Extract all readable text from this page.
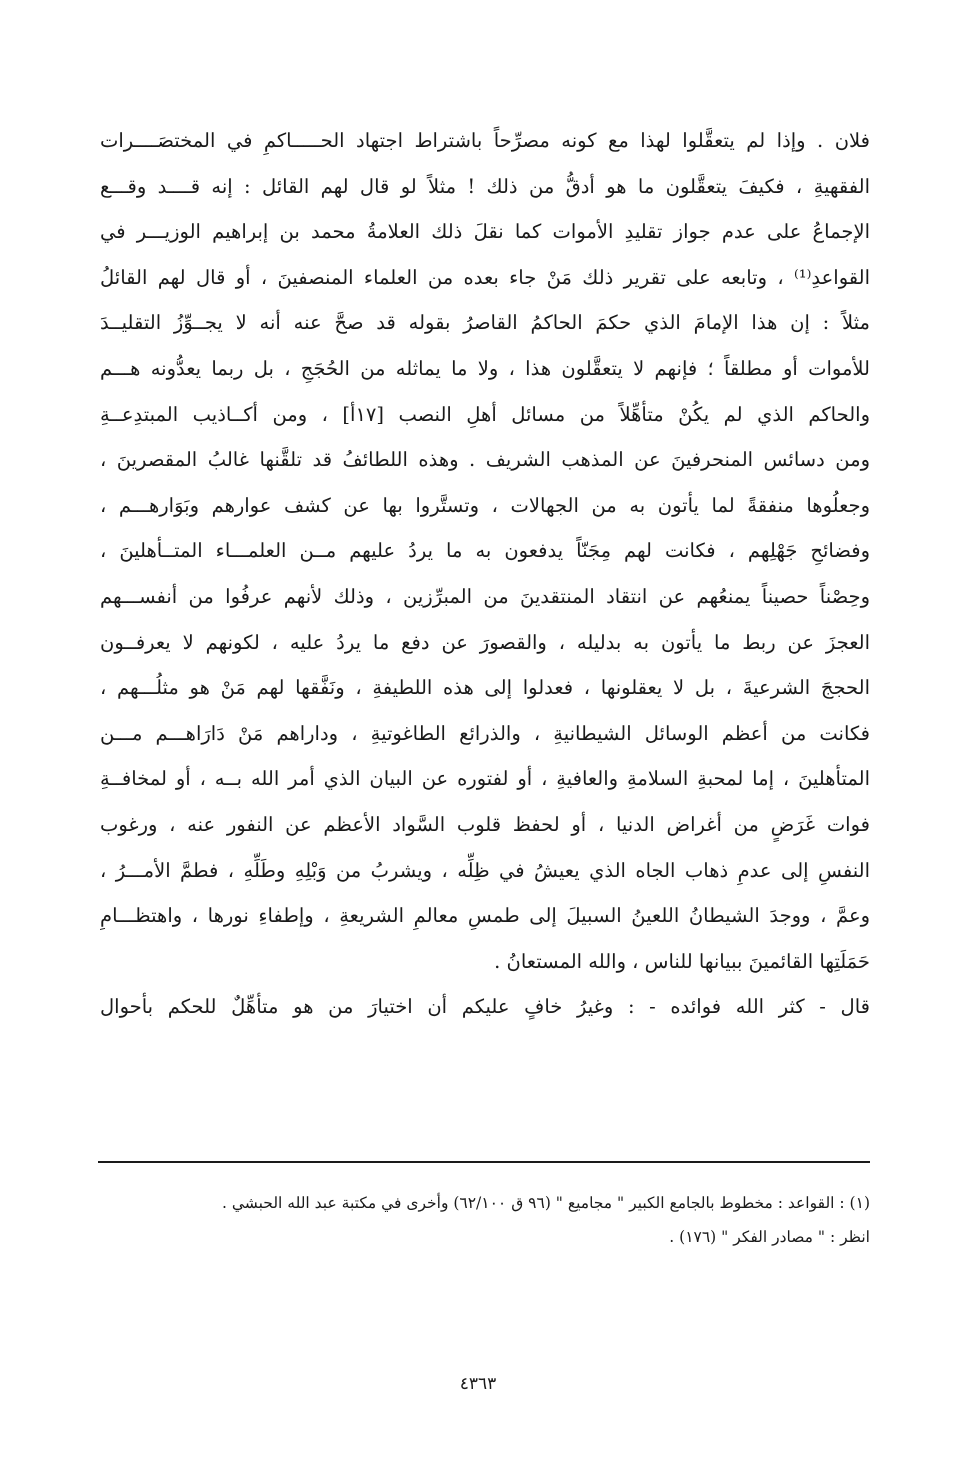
فلان . وإذا لم يتعقَّلوا لهذا مع كونه مصرِّحاً باشتراط اجتهاد الحـــــاكمِ في المختصَــــرات
الفقهيةِ ، فكيفَ يتعقَّلون ما هو أدقُّ من ذلك ! مثلاً لو قال لهم القائل : إنه قــــد وقـــع
الإجماعُ على عدم جواز تقليدِ الأموات كما نقلَ ذلك العلامةُ محمد بن إبراهيم الوزيـــر في
القواعدِ⁽¹⁾ ، وتابعه على تقرير ذلك مَنْ جاء بعده من العلماء المنصفينَ ، أو قال لهم القائلُ
مثلاً : إن هذا الإمامَ الذي حكمَ الحاكمُ القاصرُ بقوله قد صحَّ عنه أنه لا يجــوِّزُ التقليــدَ
للأموات أو مطلقاً ؛ فإنهم لا يتعقَّلون هذا ، ولا ما يماثله من الحُجَجِ ، بل ربما يعدُّونه هـــم
والحاكم الذي لم يكُنْ متأهِّلاً من مسائل أهلِ النصب [١٧أ] ، ومن أكــاذيب المبتدِعــةِ
ومن دسائس المنحرفينَ عن المذهب الشريف . وهذه اللطائفُ قد تلقَّنها غالبُ المقصرينَ ،
وجعلُوها منفقةً لما يأتون به من الجهالات ، وتستَّروا بها عن كشف عوارهم وبَوَارهـــم ،
وفضائحِ جَهْلِهم ، فكانت لهم مِجَنّاً يدفعون به ما يردُ عليهم مــن العلمـــاء المتــأهلينَ ،
وحِصْناً حصيناً يمنعُهم عن انتقاد المنتقدينَ من المبرِّزين ، وذلك لأنهم عرفُوا من أنفســـهم
العجزَ عن ربط ما يأتون به بدليله ، والقصورَ عن دفع ما يردُ عليه ، لكونهم لا يعرفــون
الحججَ الشرعيةَ ، بل لا يعقلونها ، فعدلوا إلى هذه اللطيفةِ ، ونَفَّقها لهم مَنْ هو مثلُـــهم ،
فكانت من أعظم الوسائل الشيطانيةِ ، والذرائع الطاغوتيةِ ، وداراهم مَنْ دَارَاهـــم مـــن
المتأهلينَ ، إما لمحبةِ السلامةِ والعافيةِ ، أو لفتوره عن البيان الذي أمر الله بــه ، أو لمخافــةِ
فوات غَرَضٍ من أغراض الدنيا ، أو لحفظ قلوب السَّواد الأعظم عن النفور عنه ، ورغوب
النفسِ إلى عدمِ ذهاب الجاه الذي يعيشُ في ظِلِّه ، ويشربُ من وَبْلِهِ وطَلِّهِ ، فطمَّ الأمـــرُ ،
وعمَّ ، ووجدَ الشيطانُ اللعينُ السبيلَ إلى طمسِ معالمِ الشريعةِ ، وإطفاءِ نورها ، واهتظـــامِ
حَمَلَتِها القائمينَ ببيانها للناس ، والله المستعانُ .
قال - كثر الله فوائده - : وغيرُ خافٍ عليكم أن اختيارَ من هو متأهِّلٌ للحكم بأحوال
(١) : القواعد : مخطوط بالجامع الكبير " مجاميع " (٩٦ ق ٦٢/١٠٠) وأخرى في مكتبة عبد الله الحبشي .
انظر : " مصادر الفكر " (١٧٦) .
٤٣٦٣
